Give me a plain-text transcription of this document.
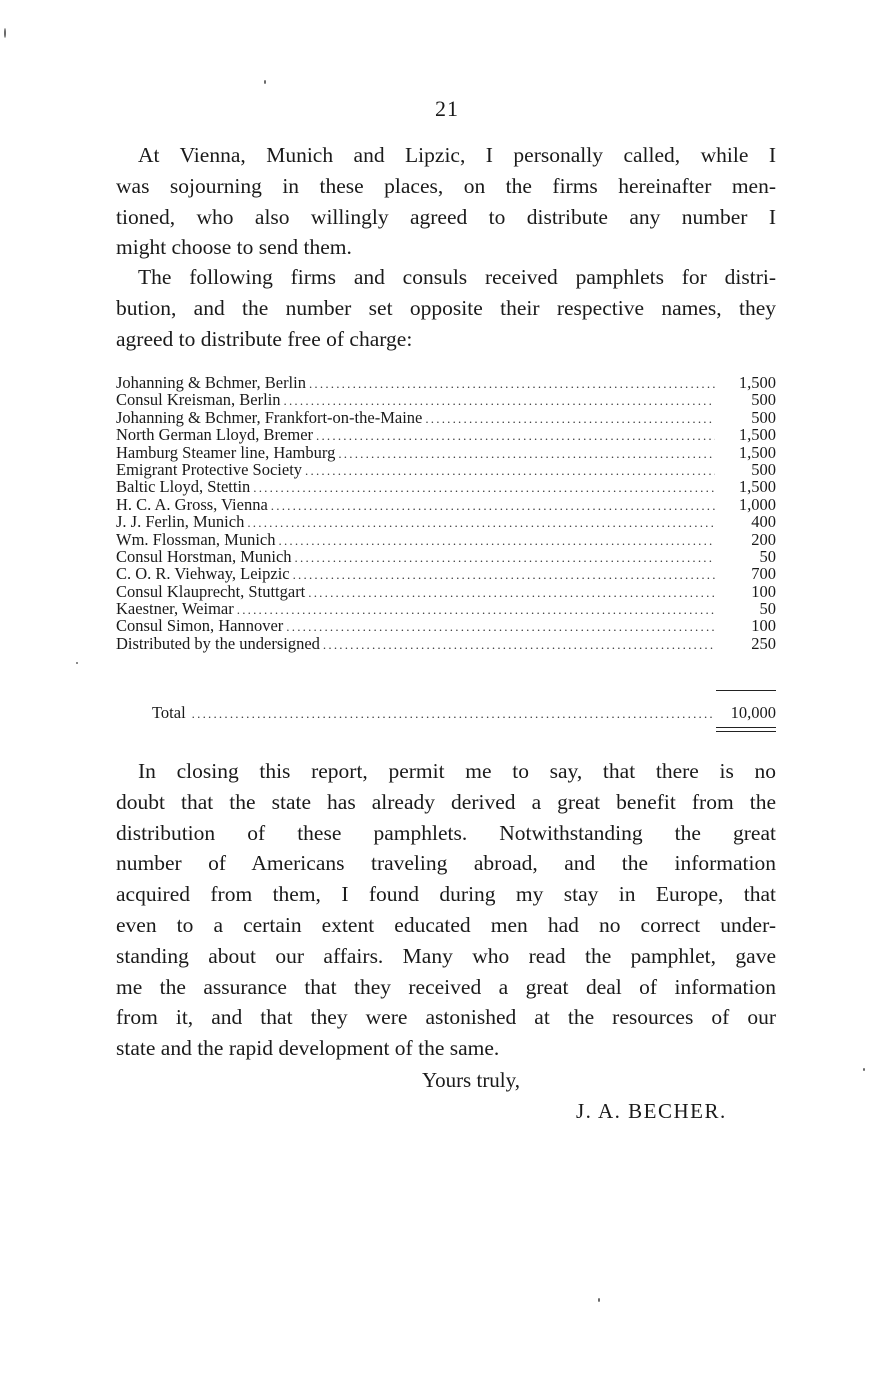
21

At Vienna, Munich and Lipzic, I personally called, while I
was sojourning in these places, on the firms hereinafter men-
tioned, who also willingly agreed to distribute any number I
might choose to send them.

The following firms and consuls received pamphlets for distri-
bution, and the number set opposite their respective names, they
agreed to distribute free of charge:

Johanning & Bchmer, Berlin .....	1,500
Consul Kreisman, Berlin .....	500
Johanning & Bchmer, Frankfort-on-the-Maine .....	500
North German Lloyd, Bremer .....	1,500
Hamburg Steamer line, Hamburg .....	1,500
Emigrant Protective Society .....	500
Baltic Lloyd, Stettin .....	1,500
H. C. A. Gross, Vienna .....	1,000
J. J. Ferlin, Munich .....	400
Wm. Flossman, Munich .....	200
Consul Horstman, Munich .....	50
C. O. R. Viehway, Leipzic .....	700
Consul Klauprecht, Stuttgart .....	100
Kaestner, Weimar .....	50
Consul Simon, Hannover .....	100
Distributed by the undersigned .....	250
Total .....	10,000

In closing this report, permit me to say, that there is no
doubt that the state has already derived a great benefit from the
distribution of these pamphlets. Notwithstanding the great
number of Americans traveling abroad, and the information
acquired from them, I found during my stay in Europe, that
even to a certain extent educated men had no correct under-
standing about our affairs. Many who read the pamphlet, gave
me the assurance that they received a great deal of information
from it, and that they were astonished at the resources of our
state and the rapid development of the same.

Yours truly,
J. A. BECHER.
